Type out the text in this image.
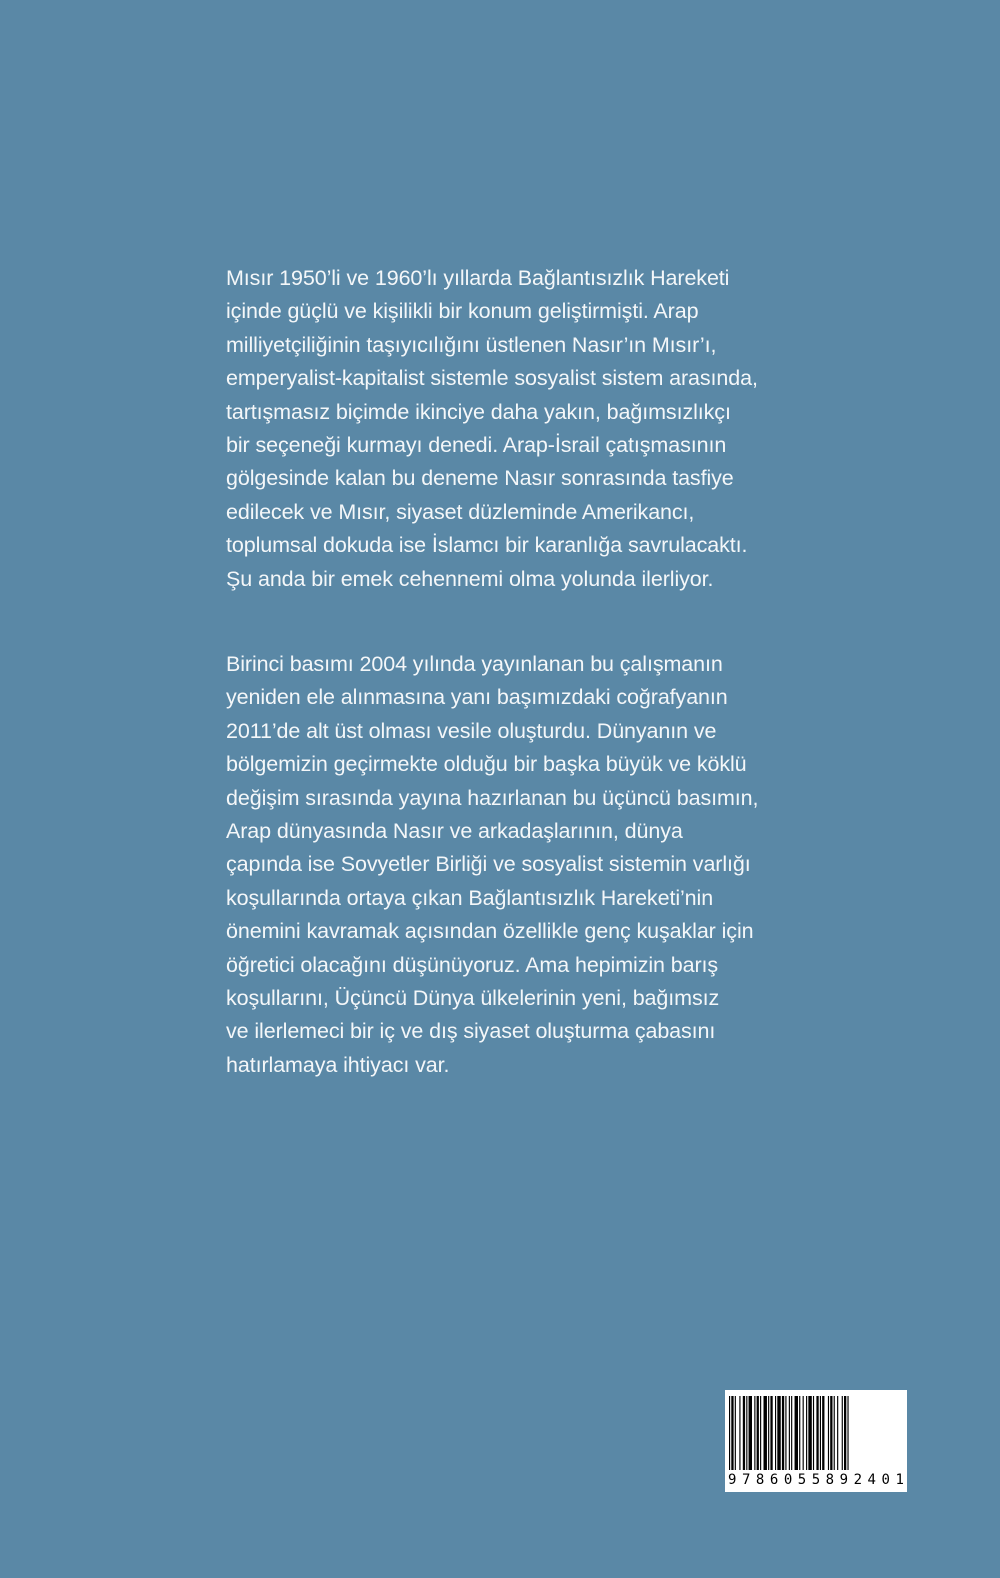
Mısır 1950’li ve 1960’lı yıllarda Bağlantısızlık Hareketi
içinde güçlü ve kişilikli bir konum geliştirmişti. Arap
milliyetçiliğinin taşıyıcılığını üstlenen Nasır’ın Mısır’ı,
emperyalist-kapitalist sistemle sosyalist sistem arasında,
tartışmasız biçimde ikinciye daha yakın, bağımsızlıkçı
bir seçeneği kurmayı denedi. Arap-İsrail çatışmasının
gölgesinde kalan bu deneme Nasır sonrasında tasfiye
edilecek ve Mısır, siyaset düzleminde Amerikancı,
toplumsal dokuda ise İslamcı bir karanlığa savrulacaktı.
Şu anda bir emek cehennemi olma yolunda ilerliyor.

Birinci basımı 2004 yılında yayınlanan bu çalışmanın
yeniden ele alınmasına yanı başımızdaki coğrafyanın
2011’de alt üst olması vesile oluşturdu. Dünyanın ve
bölgemizin geçirmekte olduğu bir başka büyük ve köklü
değişim sırasında yayına hazırlanan bu üçüncü basımın,
Arap dünyasında Nasır ve arkadaşlarının, dünya
çapında ise Sovyetler Birliği ve sosyalist sistemin varlığı
koşullarında ortaya çıkan Bağlantısızlık Hareketi’nin
önemini kavramak açısından özellikle genç kuşaklar için
öğretici olacağını düşünüyoruz. Ama hepimizin barış
koşullarını, Üçüncü Dünya ülkelerinin yeni, bağımsız
ve ilerlemeci bir iç ve dış siyaset oluşturma çabasını
hatırlamaya ihtiyacı var.

9 7 8 6 0 5 5 8 9 2 4 0 1
